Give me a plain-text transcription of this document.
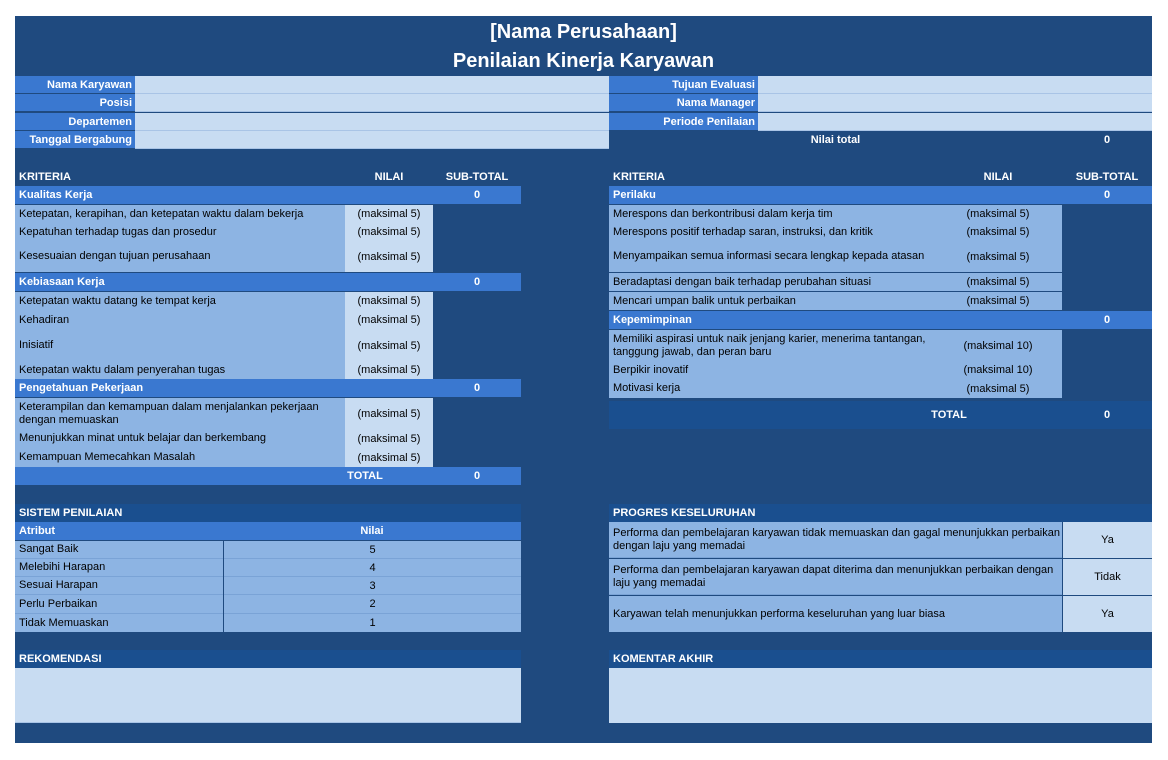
[Nama Perusahaan]
Penilaian Kinerja Karyawan
Nama Karyawan
Posisi
Departemen
Tanggal Bergabung
Tujuan Evaluasi
Nama Manager
Periode Penilaian
Nilai total	0
KRITERIA	NILAI	SUB-TOTAL
Kualitas Kerja	0
Ketepatan, kerapihan, dan ketepatan waktu dalam bekerja	(maksimal 5)
Kepatuhan terhadap tugas dan prosedur	(maksimal 5)
Kesesuaian dengan tujuan perusahaan	(maksimal 5)
Kebiasaan Kerja	0
Ketepatan waktu datang ke tempat kerja	(maksimal 5)
Kehadiran	(maksimal 5)
Inisiatif	(maksimal 5)
Ketepatan waktu dalam penyerahan tugas	(maksimal 5)
Pengetahuan Pekerjaan	0
Keterampilan dan kemampuan dalam menjalankan pekerjaan dengan memuaskan	(maksimal 5)
Menunjukkan minat untuk belajar dan berkembang	(maksimal 5)
Kemampuan Memecahkan Masalah	(maksimal 5)
TOTAL	0
KRITERIA	NILAI	SUB-TOTAL
Perilaku	0
Merespons dan berkontribusi dalam kerja tim	(maksimal 5)
Merespons positif terhadap saran, instruksi, dan kritik	(maksimal 5)
Menyampaikan semua informasi secara lengkap kepada atasan	(maksimal 5)
Beradaptasi dengan baik terhadap perubahan situasi	(maksimal 5)
Mencari umpan balik untuk perbaikan	(maksimal 5)
Kepemimpinan	0
Memiliki aspirasi untuk naik jenjang karier, menerima tantangan, tanggung jawab, dan peran baru	(maksimal 10)
Berpikir inovatif	(maksimal 10)
Motivasi kerja	(maksimal 5)
TOTAL	0
SISTEM PENILAIAN
Atribut	Nilai
Sangat Baik	5
Melebihi Harapan	4
Sesuai Harapan	3
Perlu Perbaikan	2
Tidak Memuaskan	1
PROGRES KESELURUHAN
Performa dan pembelajaran karyawan tidak memuaskan dan gagal menunjukkan perbaikan dengan laju yang memadai	Ya
Performa dan pembelajaran karyawan dapat diterima dan menunjukkan perbaikan dengan laju yang memadai	Tidak
Karyawan telah menunjukkan performa keseluruhan yang luar biasa	Ya
REKOMENDASI	KOMENTAR AKHIR
